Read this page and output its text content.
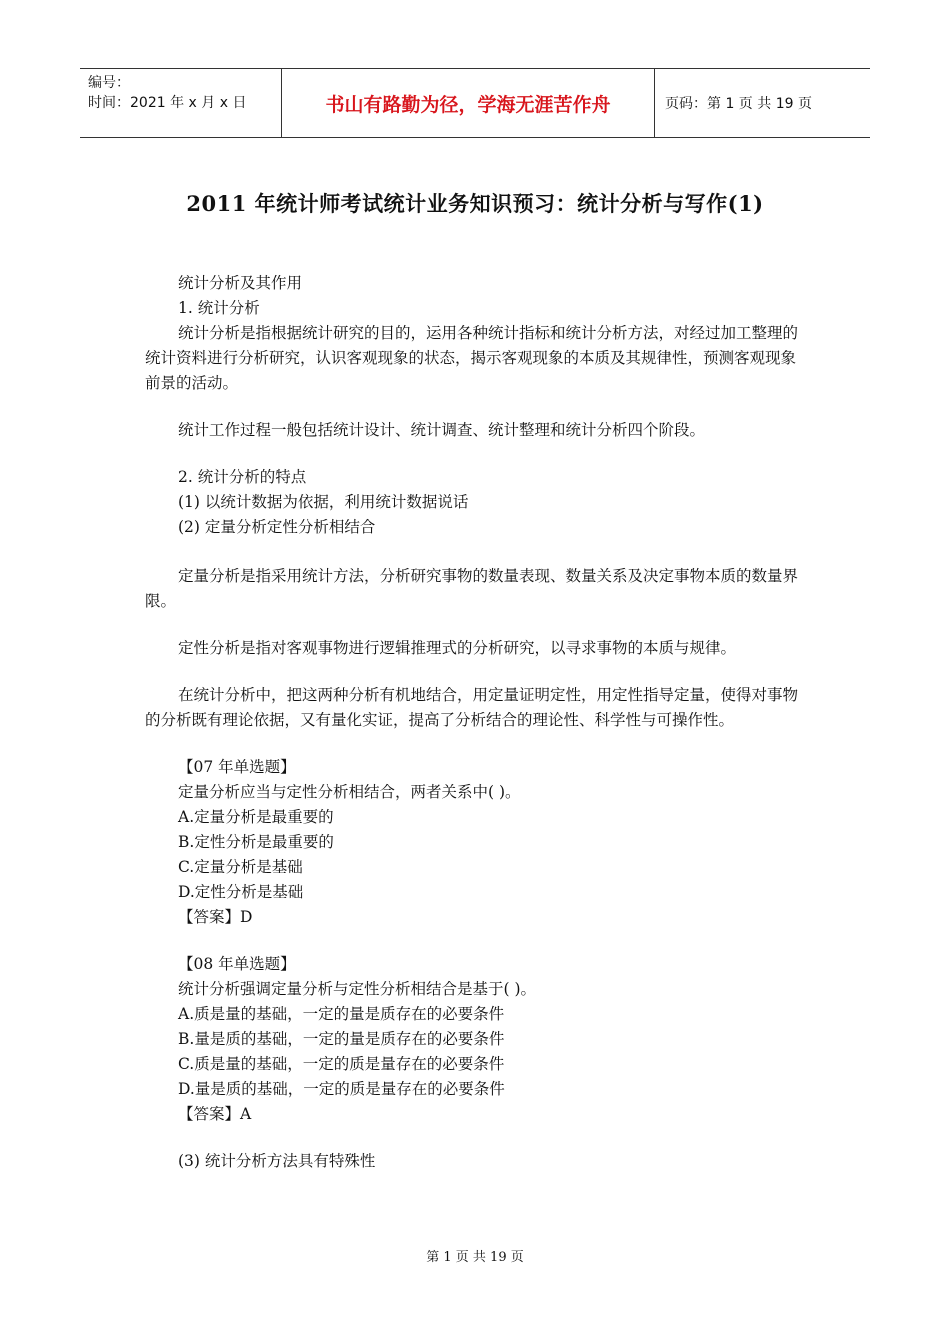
编号：
时间：2021 年 x 月 x 日	书山有路勤为径，学海无涯苦作舟	页码：第 1 页 共 19 页
2011 年统计师考试统计业务知识预习：统计分析与写作(1)

统计分析及其作用

1. 统计分析

统计分析是指根据统计研究的目的，运用各种统计指标和统计分析方法，对经过加工整理的统计资料进行分析研究，认识客观现象的状态，揭示客观现象的本质及其规律性，预测客观现象前景的活动。

统计工作过程一般包括统计设计、统计调查、统计整理和统计分析四个阶段。

2. 统计分析的特点

(1) 以统计数据为依据，利用统计数据说话

(2) 定量分析定性分析相结合

定量分析是指采用统计方法，分析研究事物的数量表现、数量关系及决定事物本质的数量界限。

定性分析是指对客观事物进行逻辑推理式的分析研究，以寻求事物的本质与规律。

在统计分析中，把这两种分析有机地结合，用定量证明定性，用定性指导定量，使得对事物的分析既有理论依据，又有量化实证，提高了分析结合的理论性、科学性与可操作性。

【07 年单选题】

定量分析应当与定性分析相结合，两者关系中( )。

A.定量分析是最重要的

B.定性分析是最重要的

C.定量分析是基础

D.定性分析是基础

【答案】D

【08 年单选题】

统计分析强调定量分析与定性分析相结合是基于( )。

A.质是量的基础，一定的量是质存在的必要条件

B.量是质的基础，一定的量是质存在的必要条件

C.质是量的基础，一定的质是量存在的必要条件

D.量是质的基础，一定的质是量存在的必要条件

【答案】A

(3) 统计分析方法具有特殊性

第 1 页 共 19 页
